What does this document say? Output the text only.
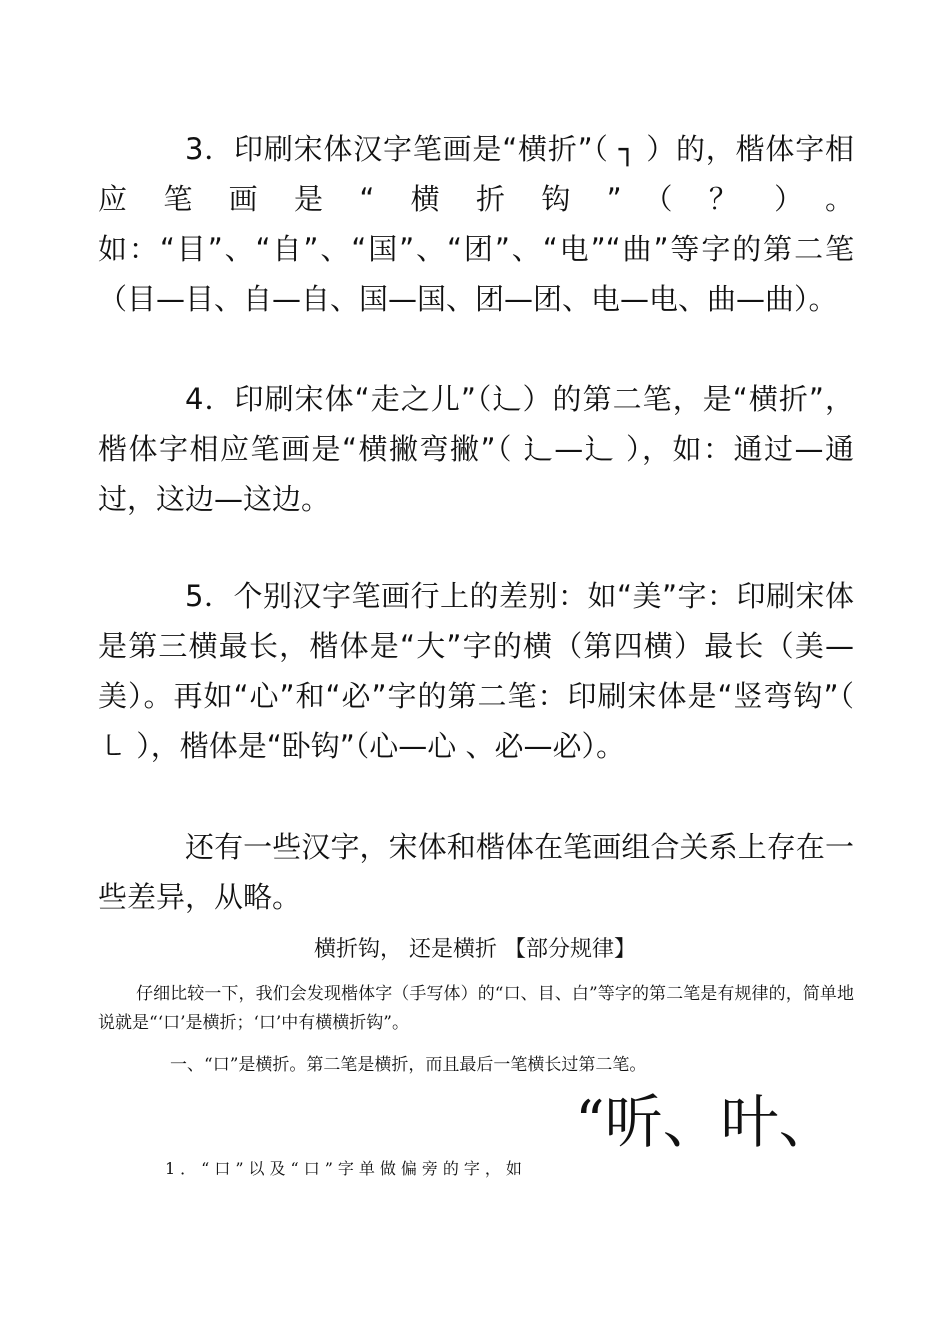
3．印刷宋体汉字笔画是“横折”（ ┐ ）的，楷体字相应笔画是“横折钩”（？）。如：“目”、“自”、“国”、“团”、“电”“曲”等字的第二笔（目—目、自—自、国—国、团—团、电—电、曲—曲）。

4．印刷宋体“走之儿”（辶）的第二笔，是“横折”，楷体字相应笔画是“横撇弯撇”（ 辶—辶 ），如：通过—通过，这边—这边。

5．个别汉字笔画行上的差别：如“美”字：印刷宋体是第三横最长，楷体是“大”字的横（第四横）最长（美—美）。再如“心”和“必”字的第二笔：印刷宋体是“竖弯钩”（ ㇄ ），楷体是“卧钩”（心—心 、必—必）。

还有一些汉字，宋体和楷体在笔画组合关系上存在一些差异，从略。

横折钩， 还是横折 【部分规律】

仔细比较一下，我们会发现楷体字（手写体）的“口、目、白”等字的第二笔是有规律的，简单地说就是“‘口’是横折；‘口’中有横横折钩”。

一、“口”是横折。第二笔是横折，而且最后一笔横长过第二笔。

“听、叶、

1．“口”以及“口”字单做偏旁的字，如
